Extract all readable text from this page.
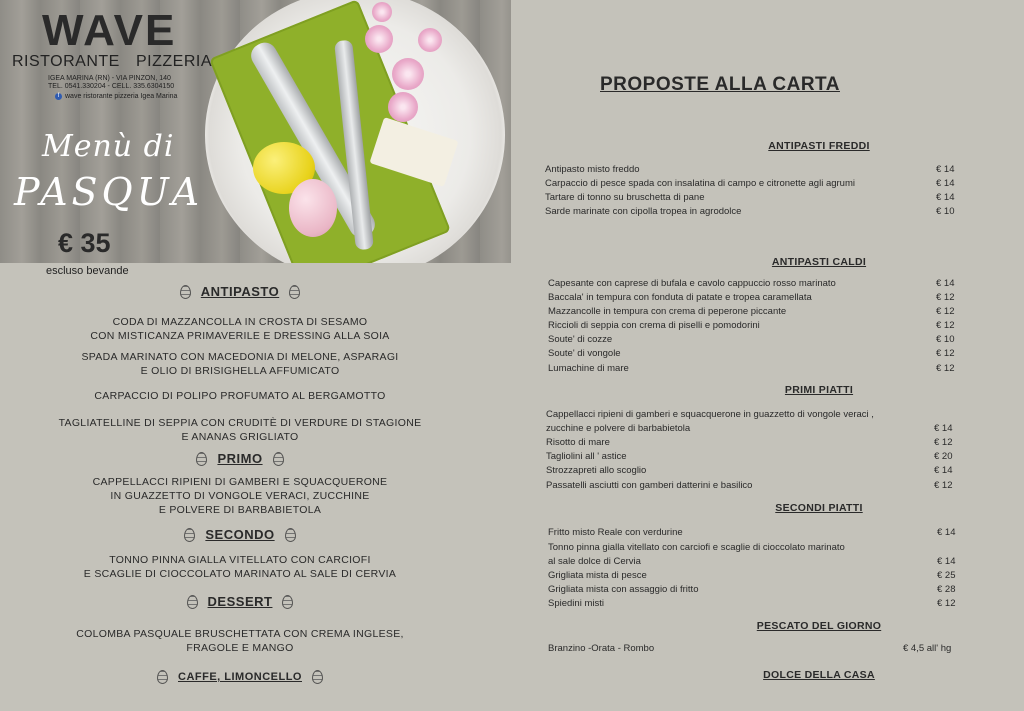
WAVE
RISTORANTE PIZZERIA
IGEA MARINA (RN) - VIA PINZON, 140
TEL. 0541.330204 - CELL. 335.6304150
f wave ristorante pizzeria Igea Marina
Menù di
PASQUA
€ 35
escluso bevande
ANTIPASTO
CODA DI MAZZANCOLLA IN CROSTA DI SESAMO
CON MISTICANZA PRIMAVERILE E DRESSING ALLA SOIA
SPADA MARINATO CON MACEDONIA DI MELONE, ASPARAGI
E OLIO DI BRISIGHELLA AFFUMICATO
CARPACCIO DI POLIPO PROFUMATO AL BERGAMOTTO
TAGLIATELLINE DI SEPPIA CON CRUDITÈ DI VERDURE DI STAGIONE
E ANANAS GRIGLIATO
PRIMO
CAPPELLACCI RIPIENI DI GAMBERI E SQUACQUERONE
IN GUAZZETTO DI VONGOLE VERACI, ZUCCHINE
E POLVERE DI BARBABIETOLA
SECONDO
TONNO PINNA GIALLA VITELLATO CON CARCIOFI
E SCAGLIE DI CIOCCOLATO MARINATO AL SALE DI CERVIA
DESSERT
COLOMBA PASQUALE BRUSCHETTATA CON CREMA INGLESE,
FRAGOLE E MANGO
CAFFE, LIMONCELLO
PROPOSTE ALLA CARTA
ANTIPASTI FREDDI
Antipasto misto freddo	€ 14
Carpaccio di pesce spada con insalatina di campo e citronette agli agrumi	€ 14
Tartare di tonno su bruschetta di pane	€ 14
Sarde marinate con cipolla tropea in agrodolce	€ 10
ANTIPASTI CALDI
Capesante con caprese di bufala e cavolo cappuccio rosso marinato	€ 14
Baccala' in tempura con fonduta di patate e tropea caramellata	€ 12
Mazzancolle in tempura con crema di peperone piccante	€ 12
Riccioli di seppia con crema di piselli e pomodorini	€ 12
Soute' di cozze	€ 10
Soute' di vongole	€ 12
Lumachine di mare	€ 12
PRIMI PIATTI
Cappellacci ripieni di gamberi e squacquerone in guazzetto di vongole veraci ,
zucchine e polvere di barbabietola	€ 14
Risotto di mare	€ 12
Tagliolini all ' astice	€ 20
Strozzapreti allo scoglio	€ 14
Passatelli asciutti con gamberi datterini e basilico	€ 12
SECONDI PIATTI
Fritto misto Reale con verdurine	€ 14
Tonno pinna gialla vitellato con carciofi e scaglie di cioccolato marinato
al sale dolce di Cervia	€ 14
Grigliata mista di pesce	€ 25
Grigliata mista con assaggio di fritto	€ 28
Spiedini misti	€ 12
PESCATO DEL GIORNO
Branzino -Orata - Rombo	€ 4,5 all' hg
DOLCE DELLA CASA
